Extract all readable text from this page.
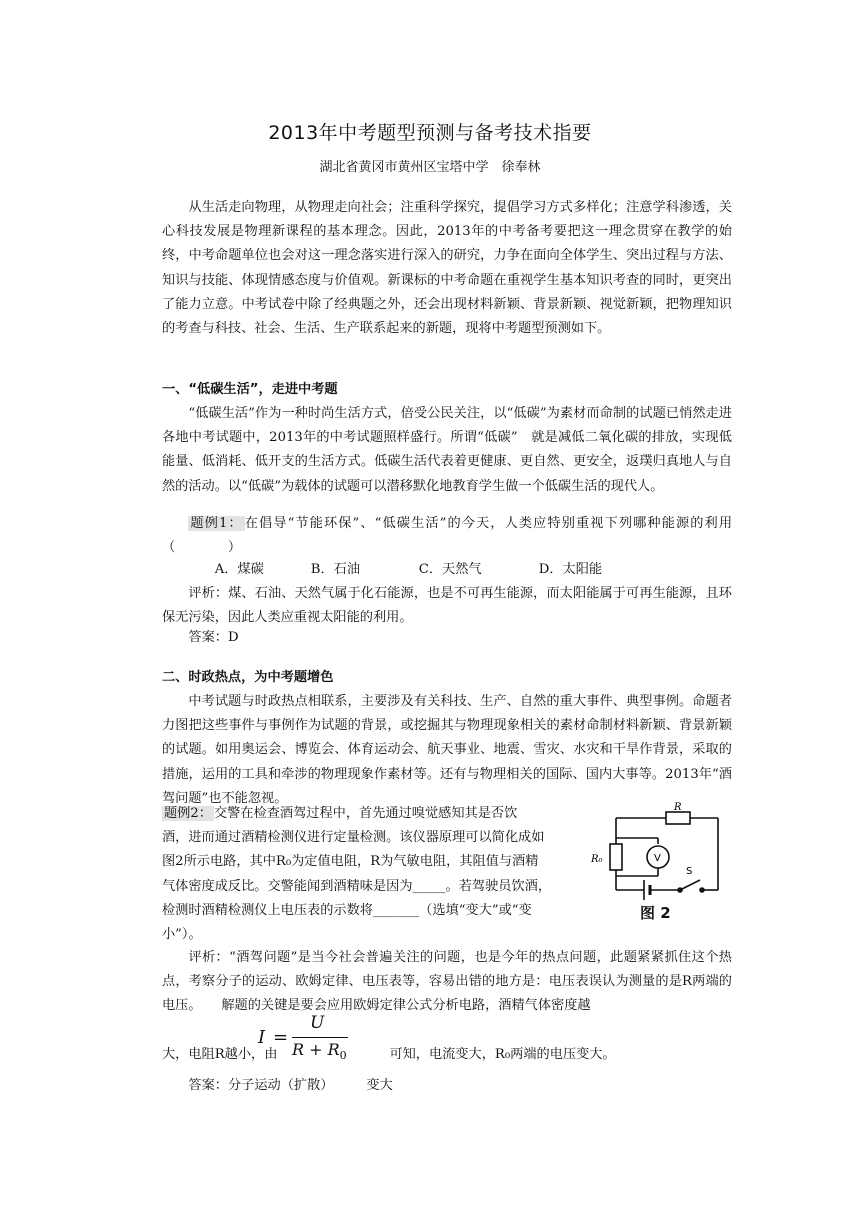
2013年中考题型预测与备考技术指要
湖北省黄冈市黄州区宝塔中学　徐奉林
从生活走向物理，从物理走向社会；注重科学探究，提倡学习方式多样化；注意学科渗透，关心科技发展是物理新课程的基本理念。因此，2013年的中考备考要把这一理念贯穿在教学的始终，中考命题单位也会对这一理念落实进行深入的研究，力争在面向全体学生、突出过程与方法、知识与技能、体现情感态度与价值观。新课标的中考命题在重视学生基本知识考查的同时，更突出了能力立意。中考试卷中除了经典题之外，还会出现材料新颖、背景新颖、视觉新颖，把物理知识的考查与科技、社会、生活、生产联系起来的新题，现将中考题型预测如下。
一、“低碳生活”，走进中考题
“低碳生活”作为一种时尚生活方式，倍受公民关注，以“低碳”为素材而命制的试题已悄然走进各地中考试题中，2013年的中考试题照样盛行。所谓“低碳”　就是减低二氧化碳的排放，实现低能量、低消耗、低开支的生活方式。低碳生活代表着更健康、更自然、更安全，返璞归真地人与自然的活动。以“低碳”为载体的试题可以潜移默化地教育学生做一个低碳生活的现代人。
题例1： 在倡导“节能环保”、“低碳生活”的今天，人类应特别重视下列哪种能源的利用（　　　　）
A．煤碳	B．石油	C．天然气	D．太阳能
评析：煤、石油、天然气属于化石能源，也是不可再生能源，而太阳能属于可再生能源，且环保无污染，因此人类应重视太阳能的利用。
答案：D
二、时政热点，为中考题增色
中考试题与时政热点相联系，主要涉及有关科技、生产、自然的重大事件、典型事例。命题者力图把这些事件与事例作为试题的背景，或挖掘其与物理现象相关的素材命制材料新颖、背景新颖的试题。如用奥运会、博览会、体育运动会、航天事业、地震、雪灾、水灾和干旱作背景，采取的措施，运用的工具和牵涉的物理现象作素材等。还有与物理相关的国际、国内大事等。2013年“酒驾问题”也不能忽视。
题例2： 交警在检查酒驾过程中，首先通过嗅觉感知其是否饮
酒，进而通过酒精检测仪进行定量检测。该仪器原理可以简化成如
图2所示电路，其中R₀为定值电阻，R为气敏电阻，其阻值与酒精
气体密度成反比。交警能闻到酒精味是因为_____。若驾驶员饮酒，
检测时酒精检测仪上电压表的示数将_______（选填“变大”或“变
小”）。
R
R₀	V
S
图 2
评析：“酒驾问题”是当今社会普遍关注的问题，也是今年的热点问题，此题紧紧抓住这个热点，考察分子的运动、欧姆定律、电压表等，容易出错的地方是：电压表误认为测量的是R两端的电压。　　解题的关键是要会应用欧姆定律公式分析电路，酒精气体密度越
大，电阻R越小，由	可知，电流变大，R₀两端的电压变大。
I =
U
$R + R_0$
答案：分子运动（扩散）　　　变大
